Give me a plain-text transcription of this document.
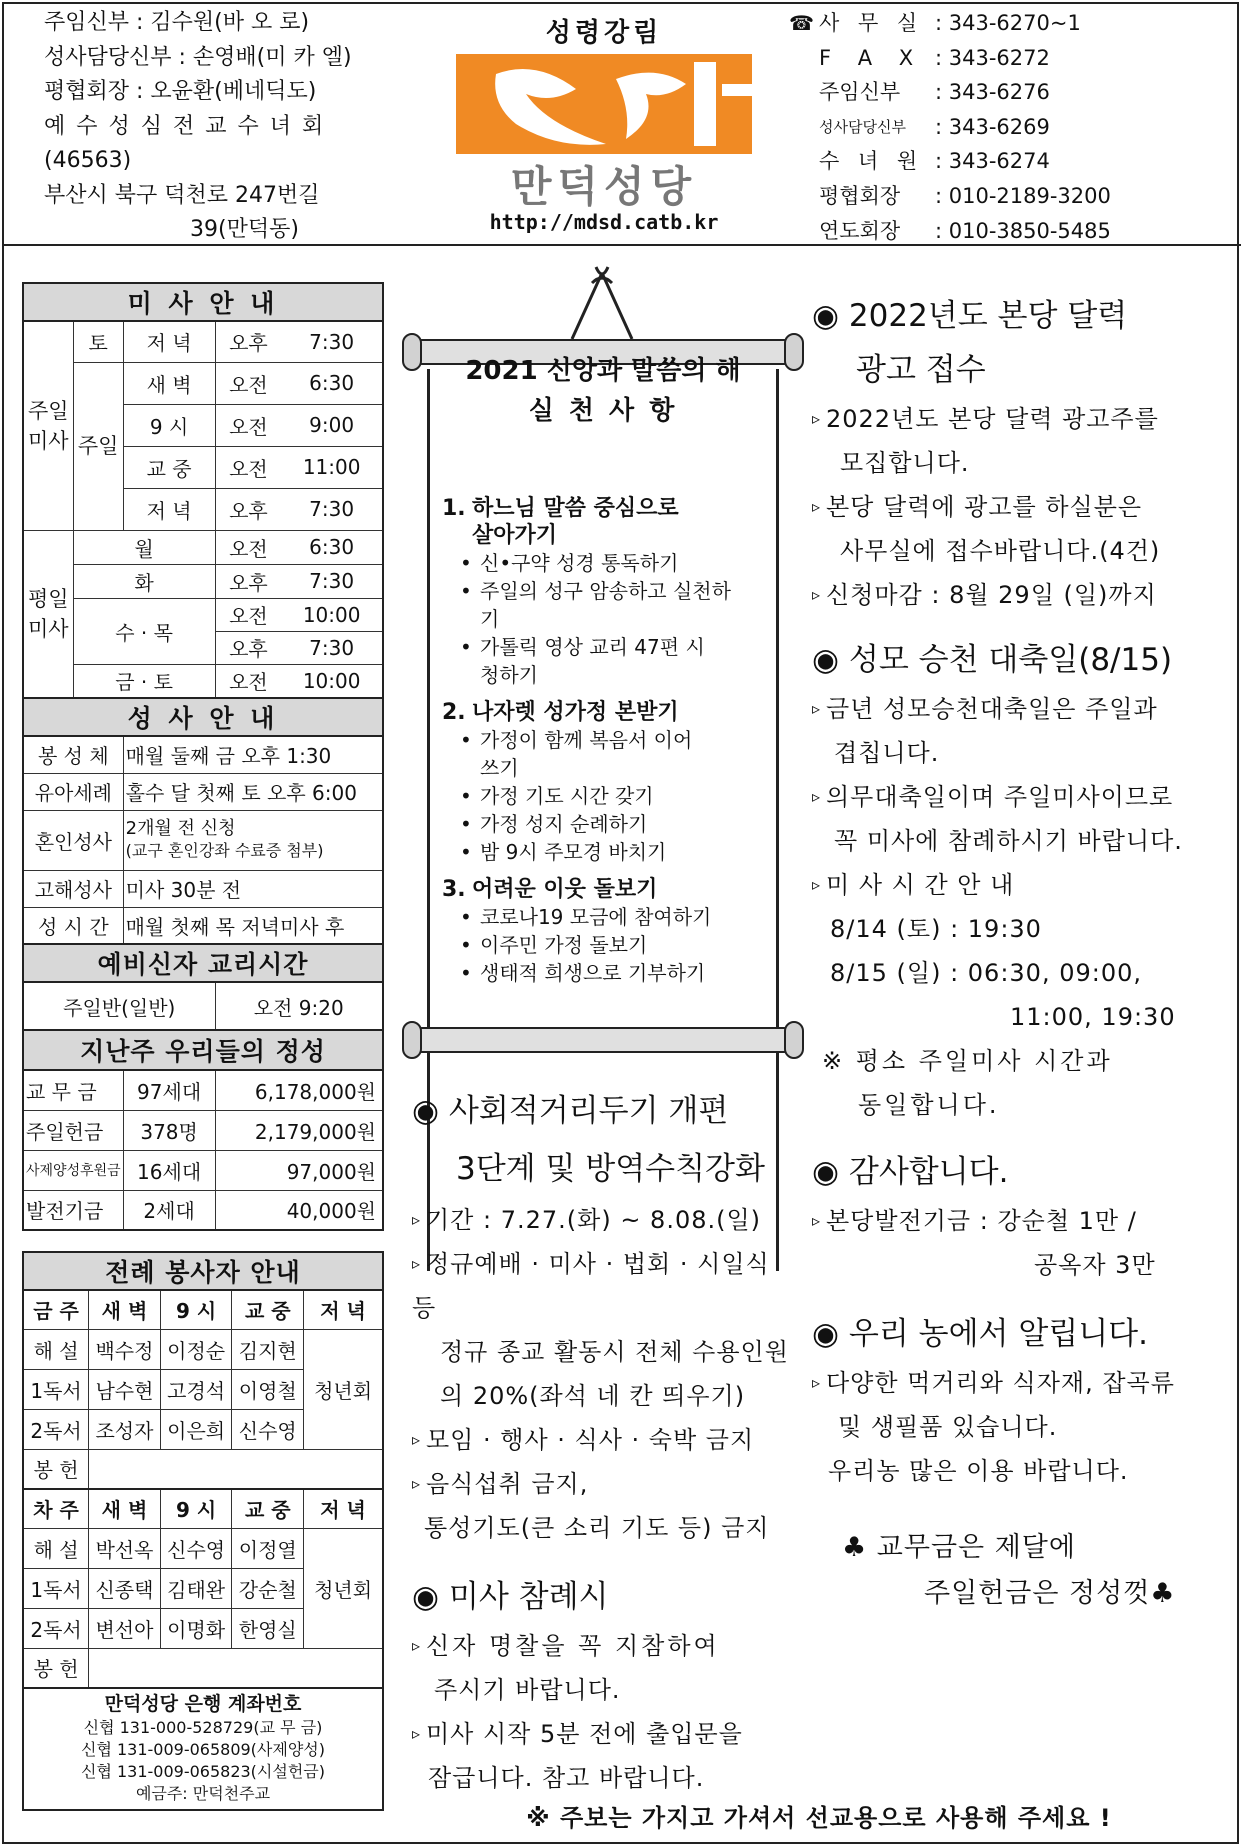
주임신부 : 김수원(바 오 로)
성사담당신부 : 손영배(미 카 엘)
평협회장 : 오윤환(베네딕도)
예 수 성 심 전 교 수 녀 회
(46563)
부산시 북구 덕천로 247번길
39(만덕동)
성령강림
만덕성당
http://mdsd.catb.kr
☎ 사 무 실 : 343-6270~1
F A X : 343-6272
주임신부	: 343-6276
성사담당신부	: 343-6269
수 녀 원 : 343-6274
평협회장	: 010-2189-3200
연도회장	: 010-3850-5485
미 사 안 내				
주일미사	토	저 녁	오후	7:30
	주일	새 벽	오전	6:30
		9 시	오전	9:00
		교 중	오전	11:00
		저 녁	오후	7:30
평일미사	월		오전	6:30
	화		오후	7:30
	수 · 목		오전	10:00
			오후	7:30
	금 · 토		오전	10:00
성 사 안 내				
봉 성 체		매월 둘째 금 오후 1:30		
유아세례		홀수 달 첫째 토 오후 6:00		
혼인성사		2개월 전 신청
(교구 혼인강좌 수료증 첨부)		

고해성사		미사 30분 전		
성 시 간		매월 첫째 목 저녁미사 후		
예비신자 교리시간				
주일반(일반)			오전 9:20	
지난주 우리들의 정성				
교 무 금		97세대	6,178,000원	
주일헌금		378명	2,179,000원	
사제양성후원금		16세대	97,000원	
발전기금		2세대	40,000원	
전례 봉사자 안내				
금 주	새 벽	9 시	교 중	저 녁
해 설	백수정	이정순	김지현	청년회
1독서	남수현	고경석	이영철	
2독서	조성자	이은희	신수영	
봉 헌				
차 주	새 벽	9 시	교 중	저 녁
해 설	박선옥	신수영	이정열	청년회
1독서	신종택	김태완	강순철	
2독서	변선아	이명화	한영실	
봉 헌				

만덕성당 은행 계좌번호
신협 131-000-528729(교 무 금)
신협 131-009-065809(사제양성)
신협 131-009-065823(시설헌금)
예금주: 만덕천주교				
2021 신앙과 말씀의 해
실 천 사 항
1. 하느님 말씀 중심으로
살아가기
• 신•구약 성경 통독하기
• 주일의 성구 암송하고 실천하기
• 가톨릭 영상 교리 47편 시청하기
2. 나자렛 성가정 본받기
• 가정이 함께 복음서 이어쓰기
• 가정 기도 시간 갖기
• 가정 성지 순례하기
• 밤 9시 주모경 바치기
3. 어려운 이웃 돌보기
• 코로나19 모금에 참여하기
• 이주민 가정 돌보기
• 생태적 희생으로 기부하기
◉ 사회적거리두기 개편
3단계 및 방역수칙강화
▹ 기간 : 7.27.(화) ~ 8.08.(일)
▹ 정규예배 · 미사 · 법회 · 시일식 등
정규 종교 활동시 전체 수용인원
의 20%(좌석 네 칸 띄우기)
▹ 모임 · 행사 · 식사 · 숙박 금지
▹ 음식섭취 금지,
통성기도(큰 소리 기도 등) 금지
◉ 미사 참례시
▹ 신자 명찰을 꼭 지참하여
주시기 바랍니다.
▹ 미사 시작 5분 전에 출입문을
잠급니다. 참고 바랍니다.
◉ 2022년도 본당 달력
광고 접수
▹ 2022년도 본당 달력 광고주를
모집합니다.
▹ 본당 달력에 광고를 하실분은
사무실에 접수바랍니다.(4건)
▹ 신청마감 : 8월 29일 (일)까지
◉ 성모 승천 대축일(8/15)
▹ 금년 성모승천대축일은 주일과
겹칩니다.
▹ 의무대축일이며 주일미사이므로
꼭 미사에 참례하시기 바랍니다.
▹ 미 사 시 간 안 내
8/14 (토) : 19:30
8/15 (일) : 06:30, 09:00,
11:00, 19:30
※ 평소 주일미사 시간과
동일합니다.
◉ 감사합니다.
▹ 본당발전기금 : 강순철 1만 /
공옥자 3만
◉ 우리 농에서 알립니다.
▹ 다양한 먹거리와 식자재, 잡곡류
및 생필품 있습니다.
우리농 많은 이용 바랍니다.
♣ 교무금은 제달에
주일헌금은 정성껏♣
※ 주보는 가지고 가셔서 선교용으로 사용해 주세요 !
